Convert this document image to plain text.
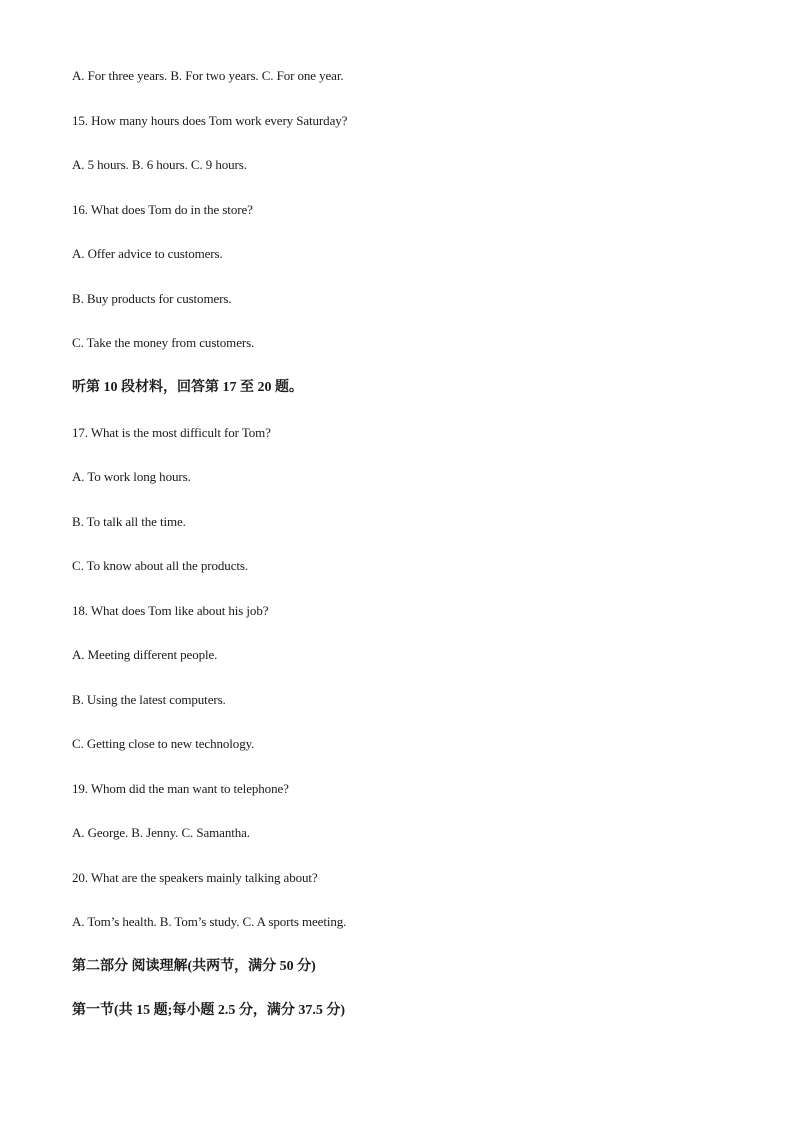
A. For three years. B. For two years. C. For one year.
15. How many hours does Tom work every Saturday?
A. 5 hours. B. 6 hours. C. 9 hours.
16. What does Tom do in the store?
A. Offer advice to customers.
B. Buy products for customers.
C. Take the money from customers.
听第 10 段材料，回答第 17 至 20 题。
17. What is the most difficult for Tom?
A. To work long hours.
B. To talk all the time.
C. To know about all the products.
18. What does Tom like about his job?
A. Meeting different people.
B. Using the latest computers.
C. Getting close to new technology.
19. Whom did the man want to telephone?
A. George. B. Jenny. C. Samantha.
20. What are the speakers mainly talking about?
A. Tom’s health. B. Tom’s study. C. A sports meeting.
第二部分 阅读理解(共两节，满分 50 分)
第一节(共 15 题;每小题 2.5 分，满分 37.5 分)
